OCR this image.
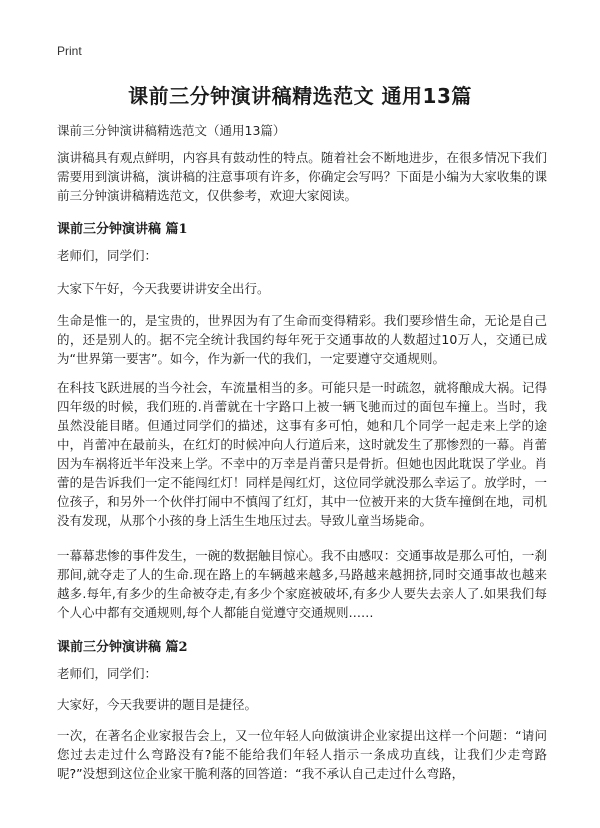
Print
课前三分钟演讲稿精选范文 通用13篇
课前三分钟演讲稿精选范文（通用13篇）
演讲稿具有观点鲜明，内容具有鼓动性的特点。随着社会不断地进步，在很多情况下我们需要用到演讲稿，演讲稿的注意事项有许多，你确定会写吗？下面是小编为大家收集的课前三分钟演讲稿精选范文，仅供参考，欢迎大家阅读。
课前三分钟演讲稿 篇1
老师们，同学们：
大家下午好，今天我要讲讲安全出行。
生命是惟一的，是宝贵的，世界因为有了生命而变得精彩。我们要珍惜生命，无论是自己的，还是别人的。据不完全统计我国约每年死于交通事故的人数超过10万人，交通已成为“世界第一要害”。如今，作为新一代的我们，一定要遵守交通规则。
在科技飞跃进展的当今社会，车流量相当的多。可能只是一时疏忽，就将酿成大祸。记得四年级的时候，我们班的.肖蕾就在十字路口上被一辆飞驰而过的面包车撞上。当时，我虽然没能目睹。但通过同学们的描述，这事有多可怕，她和几个同学一起走来上学的途中，肖蕾冲在最前头，在红灯的时候冲向人行道后来，这时就发生了那惨烈的一幕。肖蕾因为车祸将近半年没来上学。不幸中的万幸是肖蕾只是骨折。但她也因此耽误了学业。肖蕾的是告诉我们一定不能闯红灯！同样是闯红灯，这位同学就没那么幸运了。放学时，一位孩子，和另外一个伙伴打闹中不慎闯了红灯，其中一位被开来的大货车撞倒在地，司机没有发现，从那个小孩的身上活生生地压过去。导致儿童当场毙命。
一幕幕悲惨的事件发生，一碗的数据触目惊心。我不由感叹：交通事故是那么可怕，一刹那间,就夺走了人的生命.现在路上的车辆越来越多,马路越来越拥挤,同时交通事故也越来越多.每年,有多少的生命被夺走,有多少个家庭被破坏,有多少人要失去亲人了.如果我们每个人心中都有交通规则,每个人都能自觉遵守交通规则……
课前三分钟演讲稿 篇2
老师们，同学们：
大家好，今天我要讲的题目是捷径。
一次，在著名企业家报告会上，又一位年轻人向做演讲企业家提出这样一个问题：“请问您过去走过什么弯路没有?能不能给我们年轻人指示一条成功直线，让我们少走弯路呢?”没想到这位企业家干脆利落的回答道：“我不承认自己走过什么弯路，
